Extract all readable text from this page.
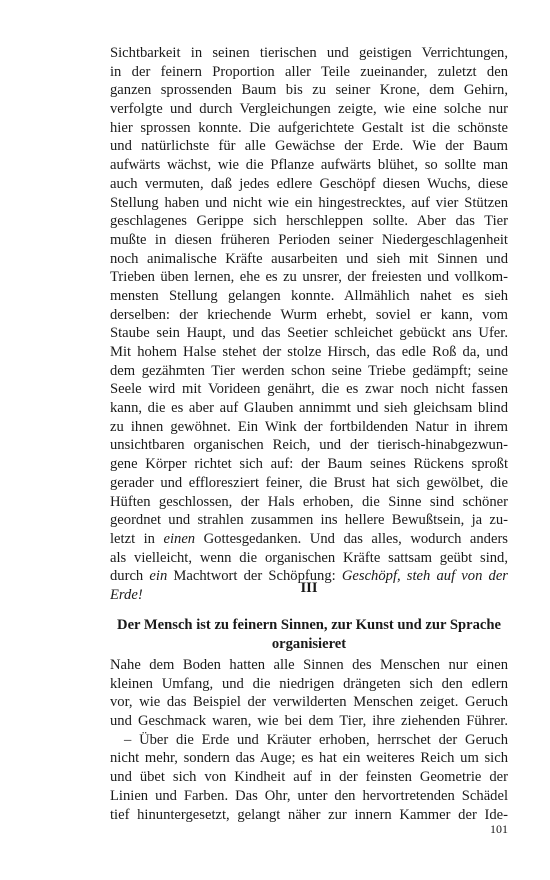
Sichtbarkeit in seinen tierischen und geistigen Verrichtungen,
in der feinern Proportion aller Teile zueinander, zuletzt den
ganzen sprossenden Baum bis zu seiner Krone, dem Gehirn,
verfolgte und durch Vergleichungen zeigte, wie eine solche nur
hier sprossen konnte. Die aufgerichtete Gestalt ist die schönste
und natürlichste für alle Gewächse der Erde. Wie der Baum
aufwärts wächst, wie die Pflanze aufwärts blühet, so sollte man
auch vermuten, daß jedes edlere Geschöpf diesen Wuchs, diese
Stellung haben und nicht wie ein hingestrecktes, auf vier Stützen
geschlagenes Gerippe sich herschleppen sollte. Aber das Tier
mußte in diesen früheren Perioden seiner Niedergeschlagenheit
noch animalische Kräfte ausarbeiten und sieh mit Sinnen und
Trieben üben lernen, ehe es zu unsrer, der freiesten und vollkom-
mensten Stellung gelangen konnte. Allmählich nahet es sieh
derselben: der kriechende Wurm erhebt, soviel er kann, vom
Staube sein Haupt, und das Seetier schleichet gebückt ans Ufer.
Mit hohem Halse stehet der stolze Hirsch, das edle Roß da, und
dem gezähmten Tier werden schon seine Triebe gedämpft; seine
Seele wird mit Vorideen genährt, die es zwar noch nicht fassen
kann, die es aber auf Glauben annimmt und sieh gleichsam blind
zu ihnen gewöhnet. Ein Wink der fortbildenden Natur in ihrem
unsichtbaren organischen Reich, und der tierisch-hinabgezwun-
gene Körper richtet sich auf: der Baum seines Rückens sproßt
gerader und effloresziert feiner, die Brust hat sich gewölbet, die
Hüften geschlossen, der Hals erhoben, die Sinne sind schöner
geordnet und strahlen zusammen ins hellere Bewußtsein, ja zu-
letzt in einen Gottesgedanken. Und das alles, wodurch anders
als vielleicht, wenn die organischen Kräfte sattsam geübt sind,
durch ein Machtwort der Schöpfung: Geschöpf, steh auf von der
Erde!	III
Der Mensch ist zu feinern Sinnen, zur Kunst und zur Sprache
organisieret
Nahe dem Boden hatten alle Sinnen des Menschen nur einen
kleinen Umfang, und die niedrigen drängeten sich den edlern
vor, wie das Beispiel der verwilderten Menschen zeiget. Geruch
und Geschmack waren, wie bei dem Tier, ihre ziehenden Führer.
– Über die Erde und Kräuter erhoben, herrschet der Geruch
nicht mehr, sondern das Auge; es hat ein weiteres Reich um sich
und übet sich von Kindheit auf in der feinsten Geometrie der
Linien und Farben. Das Ohr, unter den hervortretenden Schädel
tief hinuntergesetzt, gelangt näher zur innern Kammer der Ide-
101
